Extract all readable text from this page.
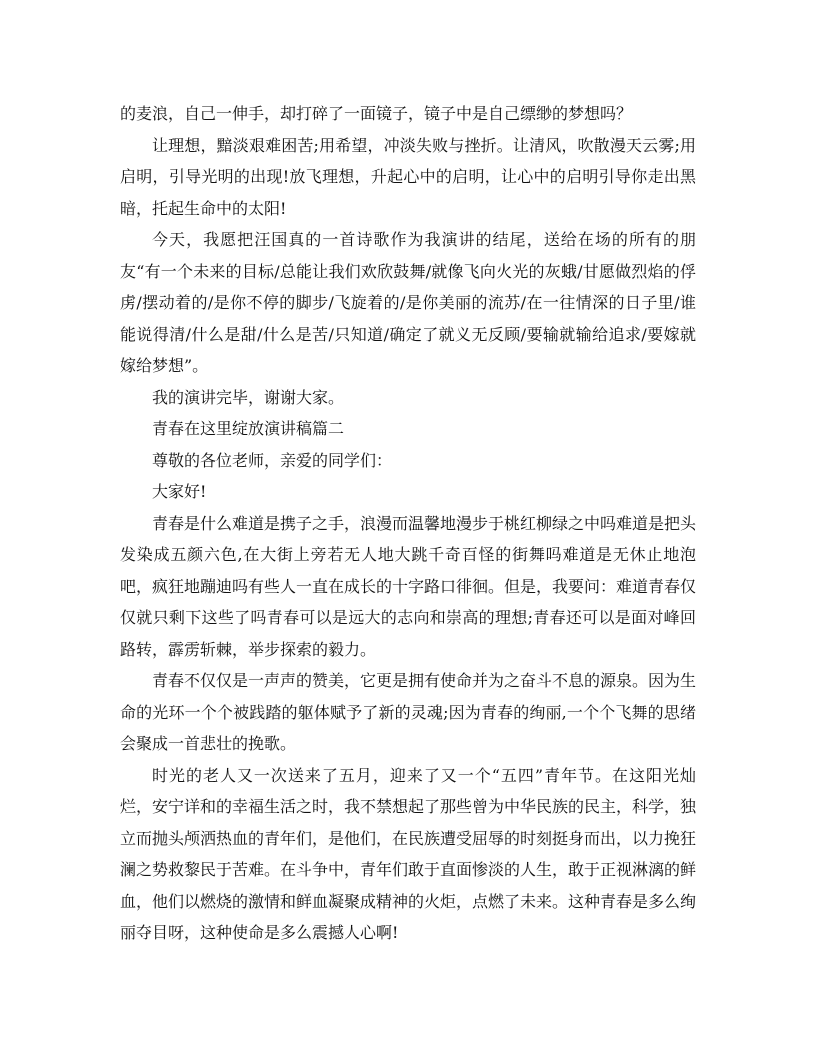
的麦浪，自己一伸手，却打碎了一面镜子，镜子中是自己缥缈的梦想吗？

让理想，黯淡艰难困苦;用希望，冲淡失败与挫折。让清风，吹散漫天云雾;用启明，引导光明的出现!放飞理想，升起心中的启明，让心中的启明引导你走出黑暗，托起生命中的太阳!

今天，我愿把汪国真的一首诗歌作为我演讲的结尾，送给在场的所有的朋友“有一个未来的目标/总能让我们欢欣鼓舞/就像飞向火光的灰蛾/甘愿做烈焰的俘虏/摆动着的/是你不停的脚步/飞旋着的/是你美丽的流苏/在一往情深的日子里/谁能说得清/什么是甜/什么是苦/只知道/确定了就义无反顾/要输就输给追求/要嫁就嫁给梦想”。

我的演讲完毕，谢谢大家。

青春在这里绽放演讲稿篇二

尊敬的各位老师，亲爱的同学们：

大家好!

青春是什么难道是携子之手，浪漫而温馨地漫步于桃红柳绿之中吗难道是把头发染成五颜六色,在大街上旁若无人地大跳千奇百怪的街舞吗难道是无休止地泡吧，疯狂地蹦迪吗有些人一直在成长的十字路口徘徊。但是，我要问：难道青春仅仅就只剩下这些了吗青春可以是远大的志向和崇高的理想;青春还可以是面对峰回路转，霹雳斩棘，举步探索的毅力。

青春不仅仅是一声声的赞美，它更是拥有使命并为之奋斗不息的源泉。因为生命的光环一个个被践踏的躯体赋予了新的灵魂;因为青春的绚丽,一个个飞舞的思绪会聚成一首悲壮的挽歌。

时光的老人又一次送来了五月，迎来了又一个“五四”青年节。在这阳光灿烂，安宁详和的幸福生活之时，我不禁想起了那些曾为中华民族的民主，科学，独立而抛头颅洒热血的青年们，是他们，在民族遭受屈辱的时刻挺身而出，以力挽狂澜之势救黎民于苦难。在斗争中，青年们敢于直面惨淡的人生，敢于正视淋漓的鲜血，他们以燃烧的激情和鲜血凝聚成精神的火炬，点燃了未来。这种青春是多么绚丽夺目呀，这种使命是多么震撼人心啊!
